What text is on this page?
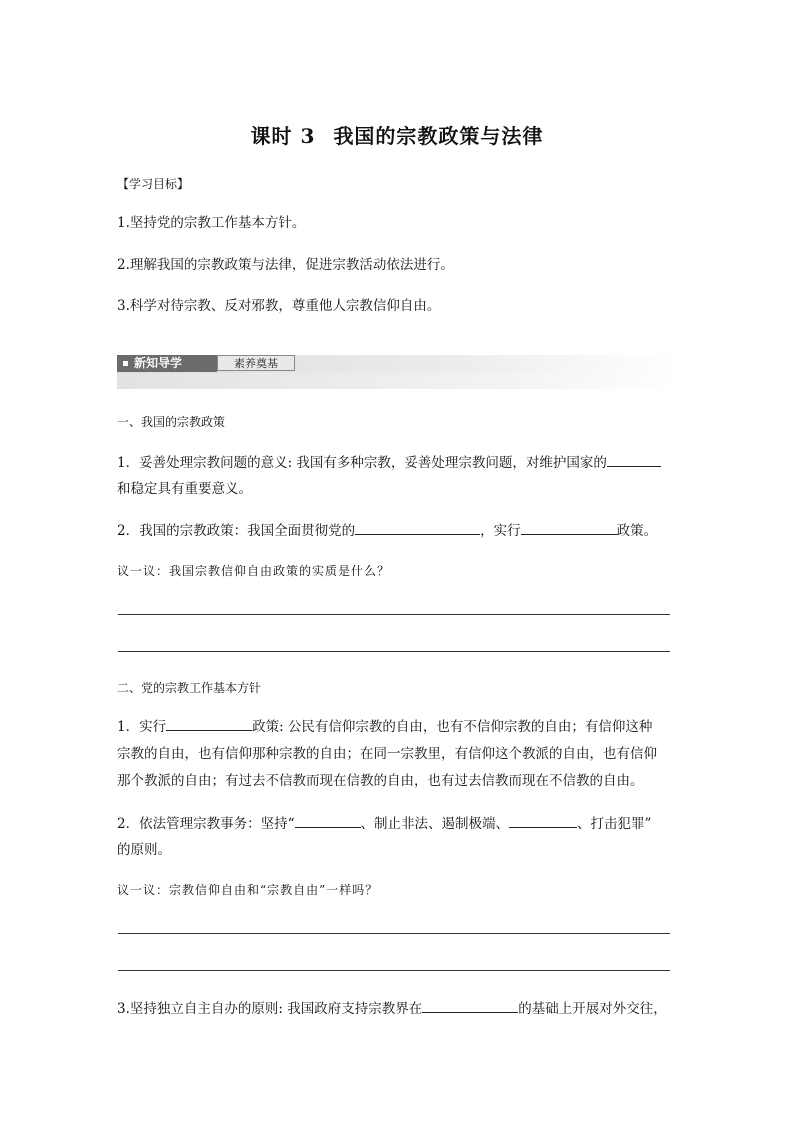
课时 3 我国的宗教政策与法律
【学习目标】
1.坚持党的宗教工作基本方针。
2.理解我国的宗教政策与法律，促进宗教活动依法进行。
3.科学对待宗教、反对邪教，尊重他人宗教信仰自由。
新知导学	素养奠基
一、我国的宗教政策
1．妥善处理宗教问题的意义: 我国有多种宗教，妥善处理宗教问题，对维护国家的
和稳定具有重要意义。
2．我国的宗教政策：我国全面贯彻党的	，实行	政策。
议一议：我国宗教信仰自由政策的实质是什么？
二、党的宗教工作基本方针
1．实行	政策: 公民有信仰宗教的自由，也有不信仰宗教的自由；有信仰这种
宗教的自由，也有信仰那种宗教的自由；在同一宗教里，有信仰这个教派的自由，也有信仰
那个教派的自由；有过去不信教而现在信教的自由，也有过去信教而现在不信教的自由。
2．依法管理宗教事务：坚持“	、制止非法、遏制极端、	、打击犯罪”
的原则。
议一议：宗教信仰自由和“宗教自由”一样吗？
3.坚持独立自主自办的原则: 我国政府支持宗教界在	的基础上开展对外交往，
